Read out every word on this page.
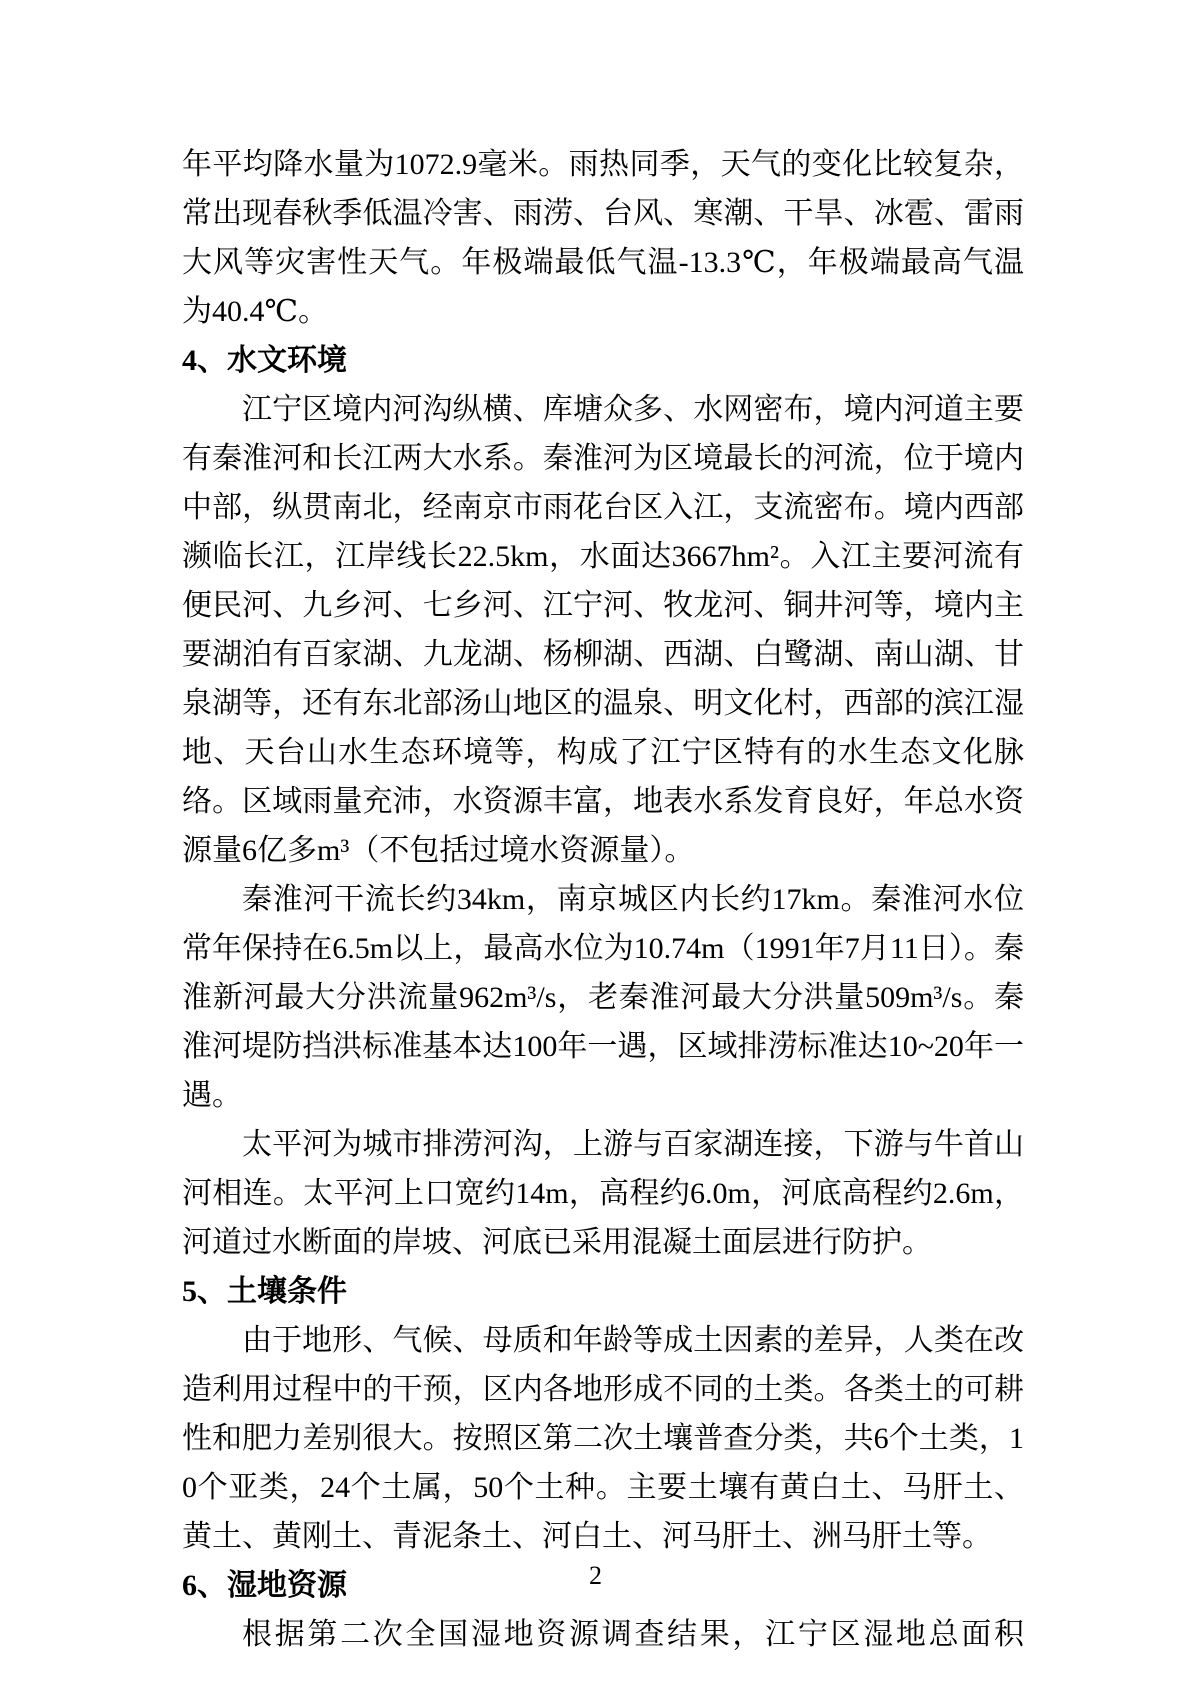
年平均降水量为1072.9毫米。雨热同季，天气的变化比较复杂，常出现春秋季低温冷害、雨涝、台风、寒潮、干旱、冰雹、雷雨大风等灾害性天气。年极端最低气温-13.3℃，年极端最高气温为40.4℃。

4、水文环境

江宁区境内河沟纵横、库塘众多、水网密布，境内河道主要有秦淮河和长江两大水系。秦淮河为区境最长的河流，位于境内中部，纵贯南北，经南京市雨花台区入江，支流密布。境内西部濒临长江，江岸线长22.5km，水面达3667hm²。入江主要河流有便民河、九乡河、七乡河、江宁河、牧龙河、铜井河等，境内主要湖泊有百家湖、九龙湖、杨柳湖、西湖、白鹭湖、南山湖、甘泉湖等，还有东北部汤山地区的温泉、明文化村，西部的滨江湿地、天台山水生态环境等，构成了江宁区特有的水生态文化脉络。区域雨量充沛，水资源丰富，地表水系发育良好，年总水资源量6亿多m³（不包括过境水资源量）。

秦淮河干流长约34km，南京城区内长约17km。秦淮河水位常年保持在6.5m以上，最高水位为10.74m（1991年7月11日）。秦淮新河最大分洪流量962m³/s，老秦淮河最大分洪量509m³/s。秦淮河堤防挡洪标准基本达100年一遇，区域排涝标准达10~20年一遇。

太平河为城市排涝河沟，上游与百家湖连接，下游与牛首山河相连。太平河上口宽约14m，高程约6.0m，河底高程约2.6m，河道过水断面的岸坡、河底已采用混凝土面层进行防护。

5、土壤条件

由于地形、气候、母质和年龄等成土因素的差异，人类在改造利用过程中的干预，区内各地形成不同的土类。各类土的可耕性和肥力差别很大。按照区第二次土壤普查分类，共6个土类，10个亚类，24个土属，50个土种。主要土壤有黄白土、马肝土、黄土、黄刚土、青泥条土、河白土、河马肝土、洲马肝土等。

6、湿地资源

根据第二次全国湿地资源调查结果，江宁区湿地总面积

2
